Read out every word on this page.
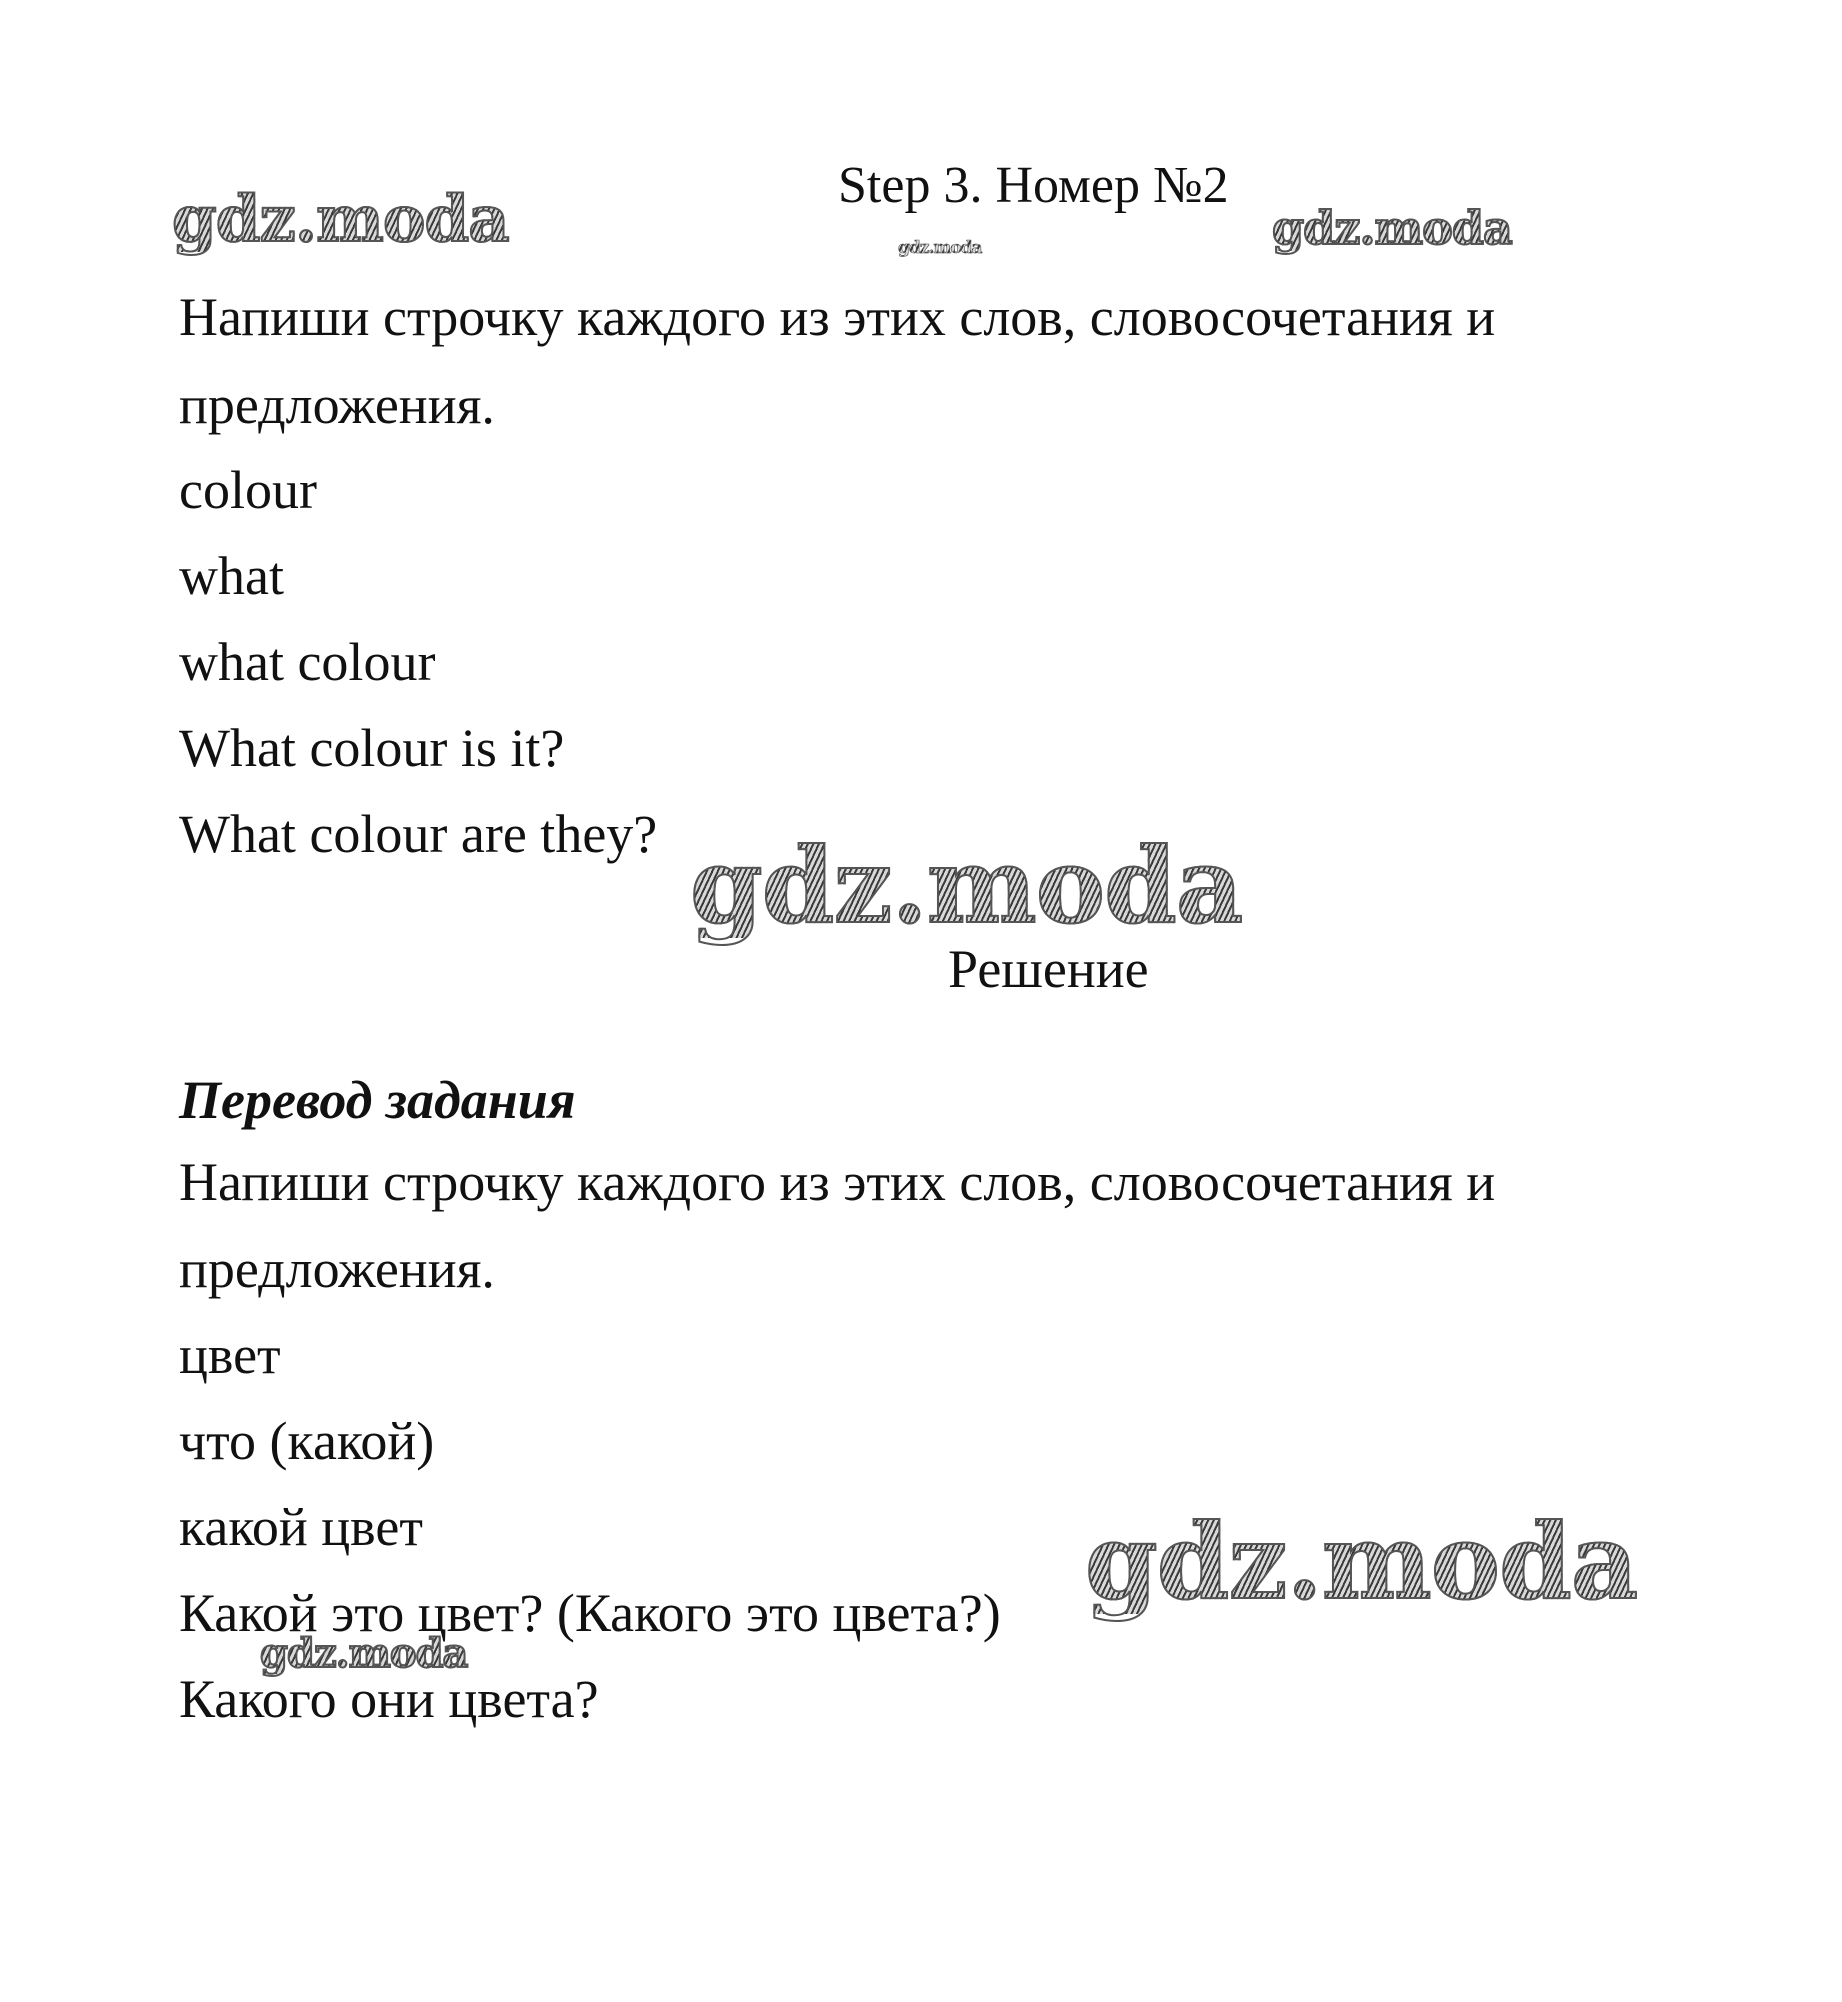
gdz.moda	gdz.moda	gdz.moda
gdz.moda
gdz.moda
gdz.moda
Step 3. Номер №2
Напиши строчку каждого из этих слов, словосочетания и
предложения.
colour
what
what colour
What colour is it?
What colour are they?
Решение
Перевод задания
Напиши строчку каждого из этих слов, словосочетания и
предложения.
цвет
что (какой)
какой цвет
Какой это цвет? (Какого это цвета?)
Какого они цвета?
